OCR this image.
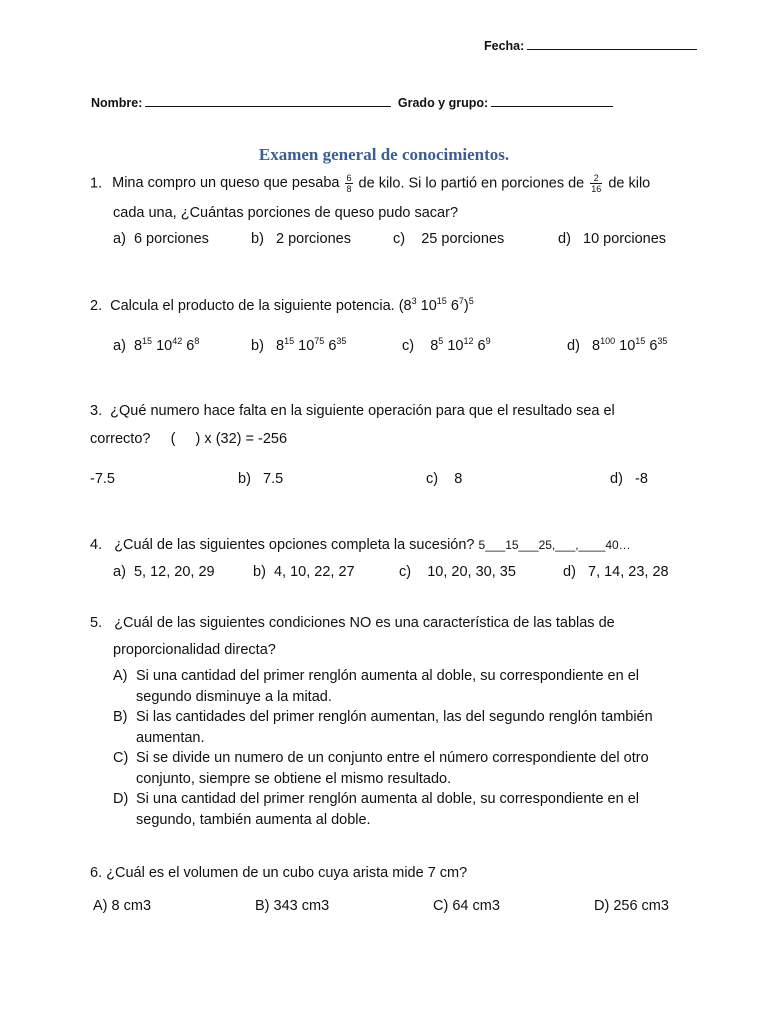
Fecha:
Nombre:	Grado y grupo:
Examen general de conocimientos.
1. Mina compro un queso que pesaba $\frac{6}{8}$ de kilo. Si lo partió en porciones de $\frac{2}{16}$ de kilo
cada una, ¿Cuántas porciones de queso pudo sacar?
a) 6 porciones	b) 2 porciones	c) 25 porciones	d) 10 porciones
2. Calcula el producto de la siguiente potencia. ($8^3$ $10^{15}$ $6^7)^5$
a) $8^{15}$ $10^{42}$ $6^8$	b) $8^{15}$ $10^{75}$ $6^{35}$	c) $8^5$ $10^{12}$ $6^9$	d) $8^{100}$ $10^{15}$ $6^{35}$
3. ¿Qué numero hace falta en la siguiente operación para que el resultado sea el
correcto?     (     ) x (32) = -256
-7.5	b) 7.5	c) 8	d) -8
4. ¿Cuál de las siguientes opciones completa la sucesión? 5___15___25,___,____40…
a) 5, 12, 20, 29	b) 4, 10, 22, 27	c) 10, 20, 30, 35	d) 7, 14, 23, 28
5. ¿Cuál de las siguientes condiciones NO es una característica de las tablas de
proporcionalidad directa?
A) Si una cantidad del primer renglón aumenta al doble, su correspondiente en el
segundo disminuye a la mitad.
B) Si las cantidades del primer renglón aumentan, las del segundo renglón también
aumentan.
C) Si se divide un numero de un conjunto entre el número correspondiente del otro
conjunto, siempre se obtiene el mismo resultado.
D) Si una cantidad del primer renglón aumenta al doble, su correspondiente en el
segundo, también aumenta al doble.
6. ¿Cuál es el volumen de un cubo cuya arista mide 7 cm?
A) 8 cm3	B) 343 cm3	C) 64 cm3	D) 256 cm3
